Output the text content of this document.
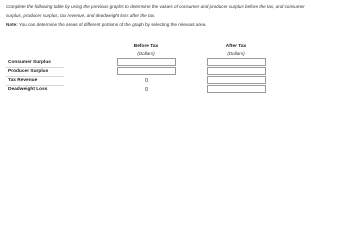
Complete the following table by using the previous graphs to determine the values of consumer and producer surplus before the tax, and consumer
surplus, producer surplus, tax revenue, and deadweight loss after the tax.
Note: You can determine the areas of different portions of the graph by selecting the relevant area.
Before Tax
(Dollars)
After Tax
(Dollars)
Consumer Surplus
Producer Surplus
Tax Revenue	0
Deadweight Loss	0
